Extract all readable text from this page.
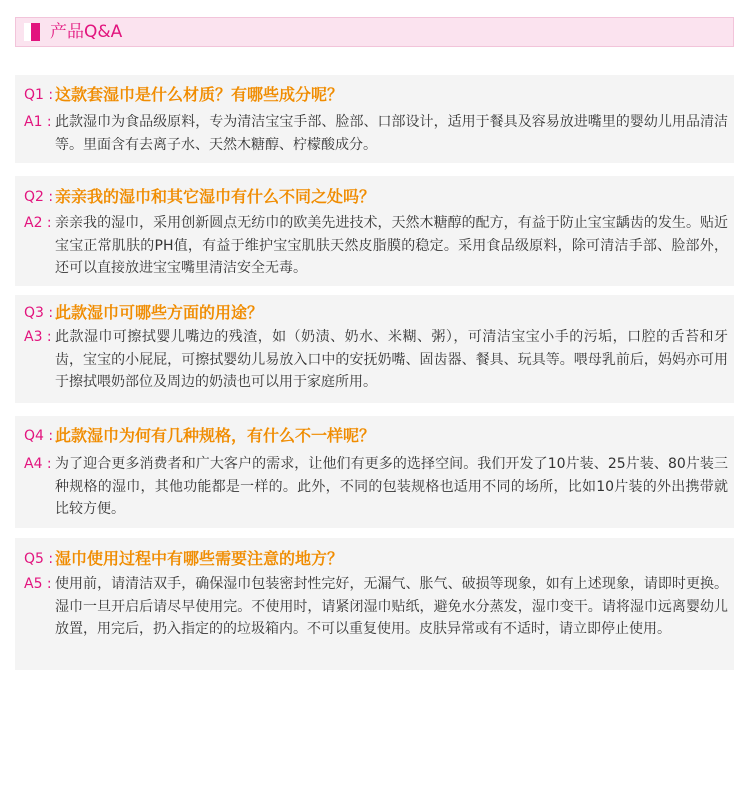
产品Q&A
Q1 : 这款套湿巾是什么材质？有哪些成分呢？
A1 : 此款湿巾为食品级原料，专为清洁宝宝手部、脸部、口部设计，适用于餐具及容易放进嘴里的婴幼儿用品清洁等。里面含有去离子水、天然木糖醇、柠檬酸成分。
Q2 : 亲亲我的湿巾和其它湿巾有什么不同之处吗？
A2 : 亲亲我的湿巾，采用创新圆点无纺巾的欧美先进技术，天然木糖醇的配方，有益于防止宝宝龋齿的发生。贴近宝宝正常肌肤的PH值，有益于维护宝宝肌肤天然皮脂膜的稳定。采用食品级原料，除可清洁手部、脸部外，还可以直接放进宝宝嘴里清洁安全无毒。
Q3 : 此款湿巾可哪些方面的用途？
A3 : 此款湿巾可擦拭婴儿嘴边的残渣，如（奶渍、奶水、米糊、粥），可清洁宝宝小手的污垢，口腔的舌苔和牙齿，宝宝的小屁屁，可擦拭婴幼儿易放入口中的安抚奶嘴、固齿器、餐具、玩具等。喂母乳前后，妈妈亦可用于擦拭喂奶部位及周边的奶渍也可以用于家庭所用。
Q4 : 此款湿巾为何有几种规格，有什么不一样呢？
A4 : 为了迎合更多消费者和广大客户的需求，让他们有更多的选择空间。我们开发了10片装、25片装、80片装三种规格的湿巾，其他功能都是一样的。此外，不同的包装规格也适用不同的场所，比如10片装的外出携带就比较方便。
Q5 : 湿巾使用过程中有哪些需要注意的地方？
A5 : 使用前，请清洁双手，确保湿巾包装密封性完好，无漏气、胀气、破损等现象，如有上述现象，请即时更换。湿巾一旦开启后请尽早使用完。不使用时，请紧闭湿巾贴纸，避免水分蒸发，湿巾变干。请将湿巾远离婴幼儿放置，用完后，扔入指定的的垃圾箱内。不可以重复使用。皮肤异常或有不适时，请立即停止使用。
